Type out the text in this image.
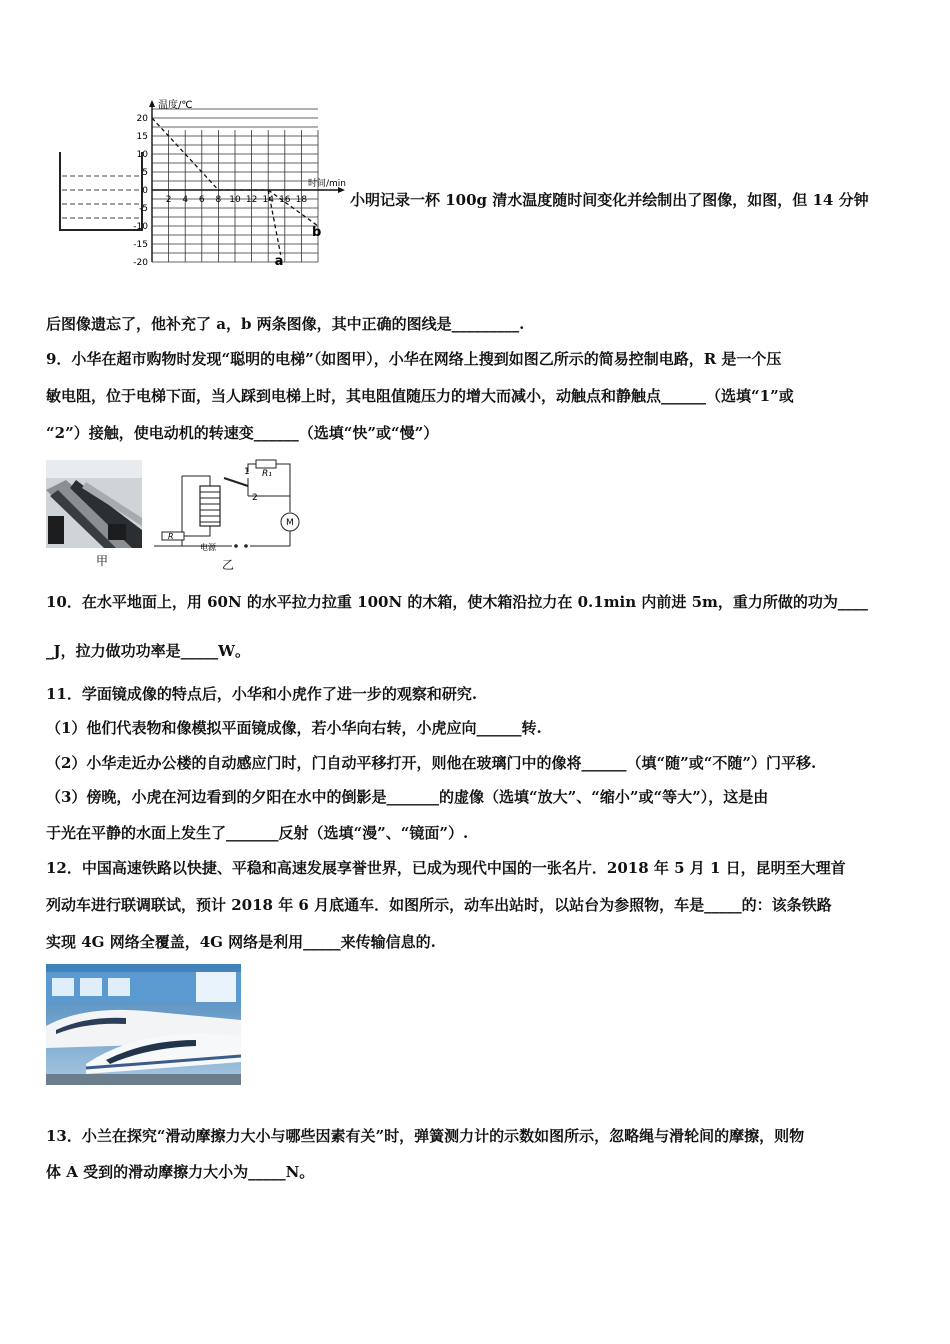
2 4 6 8 10 12 14 16 18
20
15
10
5
0
-5
-10
-15
-20
温度/℃
时间/min
a
b
小明记录一杯 100g 清水温度随时间变化并绘制出了图像，如图，但 14 分钟
后图像遗忘了，他补充了 a，b 两条图像，其中正确的图线是_________.
9．小华在超市购物时发现“聪明的电梯”（如图甲），小华在网络上搜到如图乙所示的简易控制电路，R 是一个压
敏电阻，位于电梯下面，当人踩到电梯上时，其电阻值随压力的增大而减小，动触点和静触点______（选填“1”或
“2”）接触，使电动机的转速变______（选填“快”或“慢”）
甲
1
2
R₁
M
R
电源
乙
10．在水平地面上，用 60N 的水平拉力拉重 100N 的木箱，使木箱沿拉力在 0.1min 内前进 5m，重力所做的功为____
_J，拉力做功功率是_____W。
11．学面镜成像的特点后，小华和小虎作了进一步的观察和研究.
（1）他们代表物和像模拟平面镜成像，若小华向右转，小虎应向______转.
（2）小华走近办公楼的自动感应门时，门自动平移打开，则他在玻璃门中的像将______（填“随”或“不随”）门平移.
（3）傍晚，小虎在河边看到的夕阳在水中的倒影是_______的虚像（选填“放大”、“缩小”或“等大”），这是由
于光在平静的水面上发生了_______反射（选填“漫”、“镜面”）.
12．中国高速铁路以快捷、平稳和高速发展享誉世界，已成为现代中国的一张名片．2018 年 5 月 1 日，昆明至大理首
列动车进行联调联试，预计 2018 年 6 月底通车．如图所示，动车出站时，以站台为参照物，车是_____的：该条铁路
实现 4G 网络全覆盖，4G 网络是利用_____来传输信息的.
13．小兰在探究“滑动摩擦力大小与哪些因素有关”时，弹簧测力计的示数如图所示，忽略绳与滑轮间的摩擦，则物
体 A 受到的滑动摩擦力大小为_____N。
